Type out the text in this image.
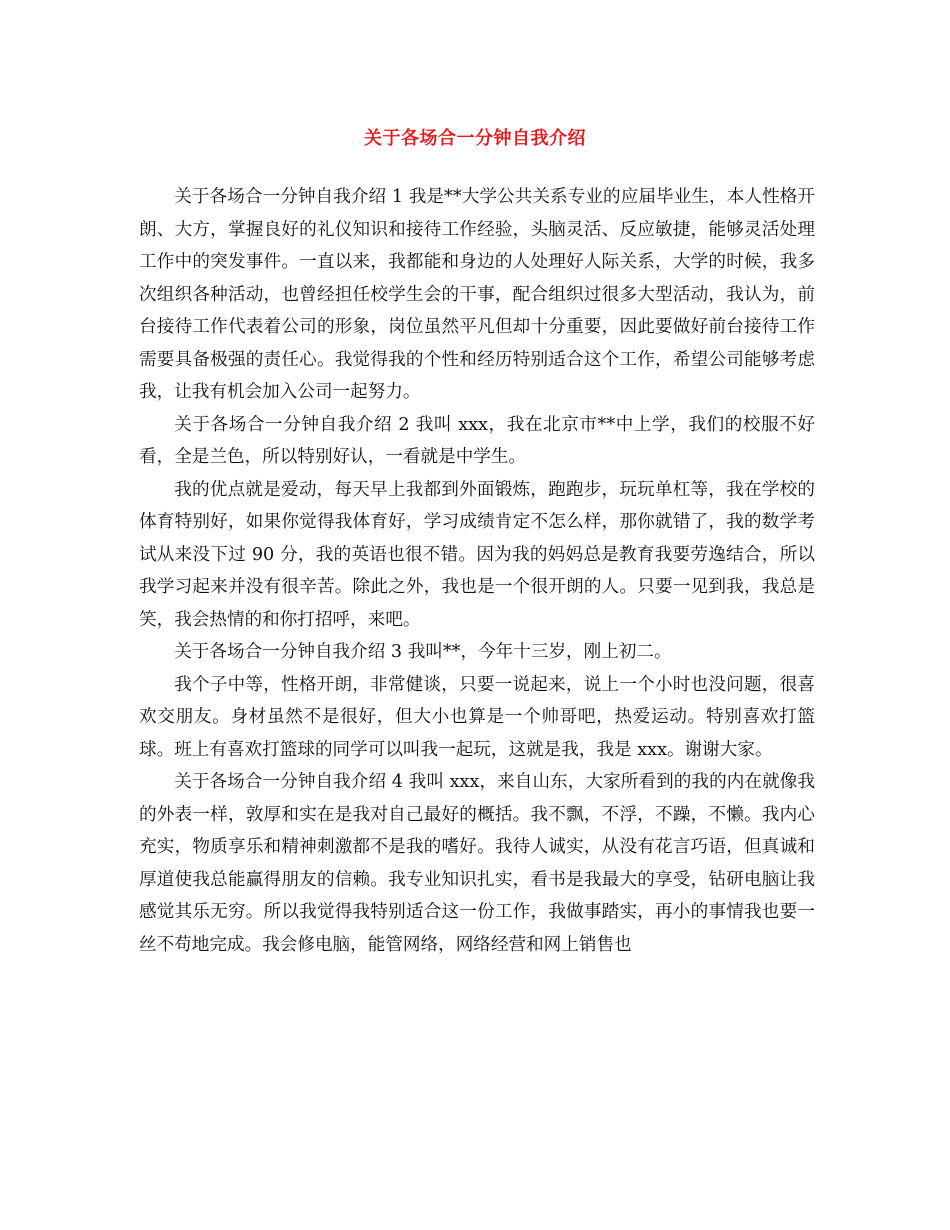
关于各场合一分钟自我介绍

关于各场合一分钟自我介绍 1 我是**大学公共关系专业的应届毕业生，本人性格开朗、大方，掌握良好的礼仪知识和接待工作经验，头脑灵活、反应敏捷，能够灵活处理工作中的突发事件。一直以来，我都能和身边的人处理好人际关系，大学的时候，我多次组织各种活动，也曾经担任校学生会的干事，配合组织过很多大型活动，我认为，前台接待工作代表着公司的形象，岗位虽然平凡但却十分重要，因此要做好前台接待工作需要具备极强的责任心。我觉得我的个性和经历特别适合这个工作，希望公司能够考虑我，让我有机会加入公司一起努力。

关于各场合一分钟自我介绍 2 我叫 xxx，我在北京市**中上学，我们的校服不好看，全是兰色，所以特别好认，一看就是中学生。

我的优点就是爱动，每天早上我都到外面锻炼，跑跑步，玩玩单杠等，我在学校的体育特别好，如果你觉得我体育好，学习成绩肯定不怎么样，那你就错了，我的数学考试从来没下过 90 分，我的英语也很不错。因为我的妈妈总是教育我要劳逸结合，所以我学习起来并没有很辛苦。除此之外，我也是一个很开朗的人。只要一见到我，我总是笑，我会热情的和你打招呼，来吧。

关于各场合一分钟自我介绍 3 我叫**，今年十三岁，刚上初二。

我个子中等，性格开朗，非常健谈，只要一说起来，说上一个小时也没问题，很喜欢交朋友。身材虽然不是很好，但大小也算是一个帅哥吧，热爱运动。特别喜欢打篮球。班上有喜欢打篮球的同学可以叫我一起玩，这就是我，我是 xxx。谢谢大家。

关于各场合一分钟自我介绍 4 我叫 xxx，来自山东，大家所看到的我的内在就像我的外表一样，敦厚和实在是我对自己最好的概括。我不飘，不浮，不躁，不懒。我内心充实，物质享乐和精神刺激都不是我的嗜好。我待人诚实，从没有花言巧语，但真诚和厚道使我总能赢得朋友的信赖。我专业知识扎实，看书是我最大的享受，钻研电脑让我感觉其乐无穷。所以我觉得我特别适合这一份工作，我做事踏实，再小的事情我也要一丝不苟地完成。我会修电脑，能管网络，网络经营和网上销售也
